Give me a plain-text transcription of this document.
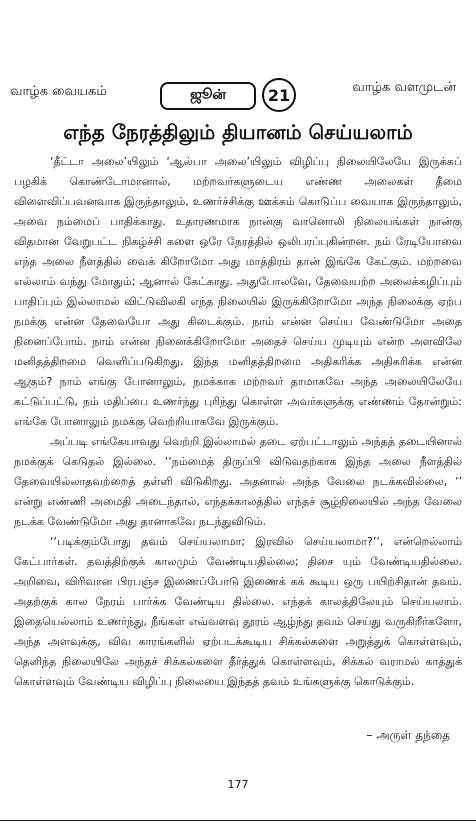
வாழ்க வையகம்	ஜூன்	21	வாழ்க வளமுடன்
எந்த நேரத்திலும் தியானம் செய்யலாம்

‘தீட்டா அலை’யிலும் ‘ஆல்பா அலை’யிலும் விழிப்பு நிலையிலேயே இருக்கப் பழகிக் கொண்டோமானால், மற்றவர்களுடைய எண்ண அலைகள் தீமை விளைவிப்பவனவாக இருந்தாலும், உணர்ச்சிக்கு ஊக்கம் கொடுப்ப வையாக இருந்தாலும், அவை நம்மைப் பாதிக்காது. உதாரணமாக நான்கு வானொலி நிலையங்கள் நான்கு விதமான வேறுபட்ட நிகழ்ச்சி களை ஒரே நேரத்தில் ஒலிபரப்புகின்றன. நம் ரேடியோவை எந்த அலை நீளத்தில் வைக் கிறோமோ அது மாத்திரம் தான் இங்கே கேட்கும். மற்றவை எல்லாம் வந்து மோதும்; ஆனால் கேட்காது. அதுபோலவே, தேவையற்ற அலைக்கழிப்பும் பாதிப்பும் இல்லாமல் விட்டுவிலகி எந்த நிலையில் இருக்கிறோமோ அந்த நிலைக்கு ஏற்ப நமக்கு என்ன தேவையோ அது கிடைக்கும். நாம் என்ன செய்ய வேண்டுமோ அதை நினைப்போம். நாம் என்ன நினைக்கிறோமோ அதைச் செய்ய முடியும் என்ற அளவிலே மனிதத்திறமை வெளிப்படுகிறது. இந்த மனிதத்திறமை அதிகரிக்க அதிகரிக்க என்ன ஆகும்? நாம் எங்கு போனாலும், நமக்காக மற்றவர் தாமாகவே அந்த அலையிலேயே கட்டுப்பட்டு, நம் மதிப்பை உணர்ந்து புரிந்து கொள்ள அவர்களுக்கு எண்ணம் தோன்றும்: எங்கே போனாலும் நமக்கு வெற்றியாகவே இருக்கும்.

அப்படி எங்கேயாவது வெற்றி இல்லாமல் தடை ஏற்பட்டாலும் அந்தத் தடையினால் நமக்குக் கெடுதல் இல்லை. ‘‘நம்மைத் திருப்பி விடுவதற்காக இந்த அலை நீளத்தில் தேவையில்லாதவற்றைத் தள்ளி விடுகிறது. அதனால் அந்த வேலை நடக்கவில்லை, ’’ என்று எண்ணி அமைதி அடைந்தால், எந்தக்காலத்தில் எந்தச் சூழ்நிலையில் அந்த வேலை நடக்க வேண்டுமோ அது தானாகவே நடந்துவிடும்.

‘‘படிக்கும்போது தவம் செய்யலாமா; இரவில் செய்யலாமா?’’, என்றெல்லாம் கேட்பார்கள். தவத்திற்குக் காலமும் வேண்டியதில்லை; திசை யும் வேண்டியதில்லை. அறிவை, விரிவான பிரபஞ்ச இணைப்போடு இணைக் கக் கூடிய ஒரு பயிற்சிதான் தவம். அதற்குக் கால நேரம் பார்க்க வேண்டிய தில்லை. எந்தக் காலத்திலேயும் செய்யலாம். இதையெல்லாம் உணர்ந்து, நீங்கள் எவ்வளவு தூரம் ஆழ்ந்து தவம் செய்து வருகிறீர்களோ, அந்த அளவுக்கு, விவ காரங்களில் ஏற்படக்கூடிய சிக்கல்களை அறுத்துக் கொள்ளவும், தெளிந்த நிலையிலே அந்தச் சிக்கல்களை தீர்த்துக் கொள்ளவும், சிக்கல் வராமல் காத்துக் கொள்ளவும் வேண்டிய விழிப்பு நிலையை இந்தத் தவம் உங்களுக்கு கொடுக்கும்.

– அருள் தந்தை
177
